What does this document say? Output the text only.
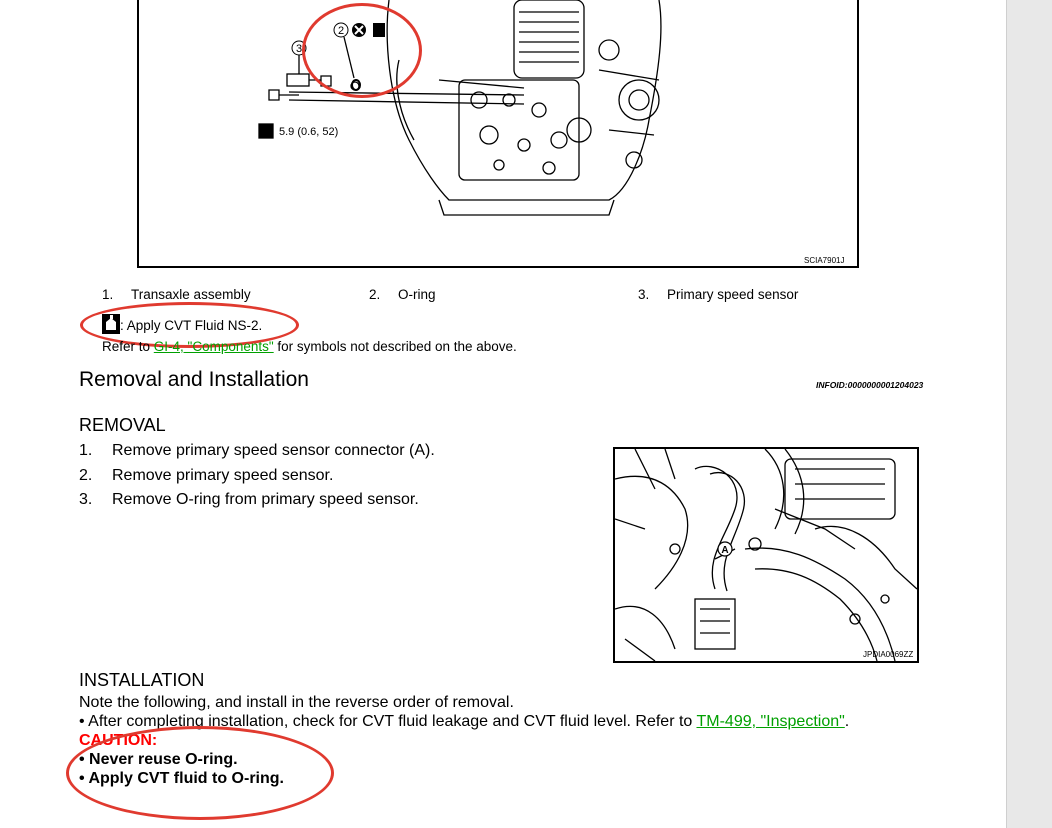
2
3
5.9 (0.6, 52)
SCIA7901J
1. Transaxle assembly	2. O-ring	3. Primary speed sensor
: Apply CVT Fluid NS-2.
Refer to GI-4, "Components" for symbols not described on the above.
Removal and Installation	INFOID:0000000001204023
REMOVAL
1. Remove primary speed sensor connector (A).
2. Remove primary speed sensor.
3. Remove O-ring from primary speed sensor.
A
JPDIA0069ZZ
INSTALLATION
Note the following, and install in the reverse order of removal.
• After completing installation, check for CVT fluid leakage and CVT fluid level. Refer to TM-499, "Inspection".
CAUTION:
• Never reuse O-ring.
• Apply CVT fluid to O-ring.
